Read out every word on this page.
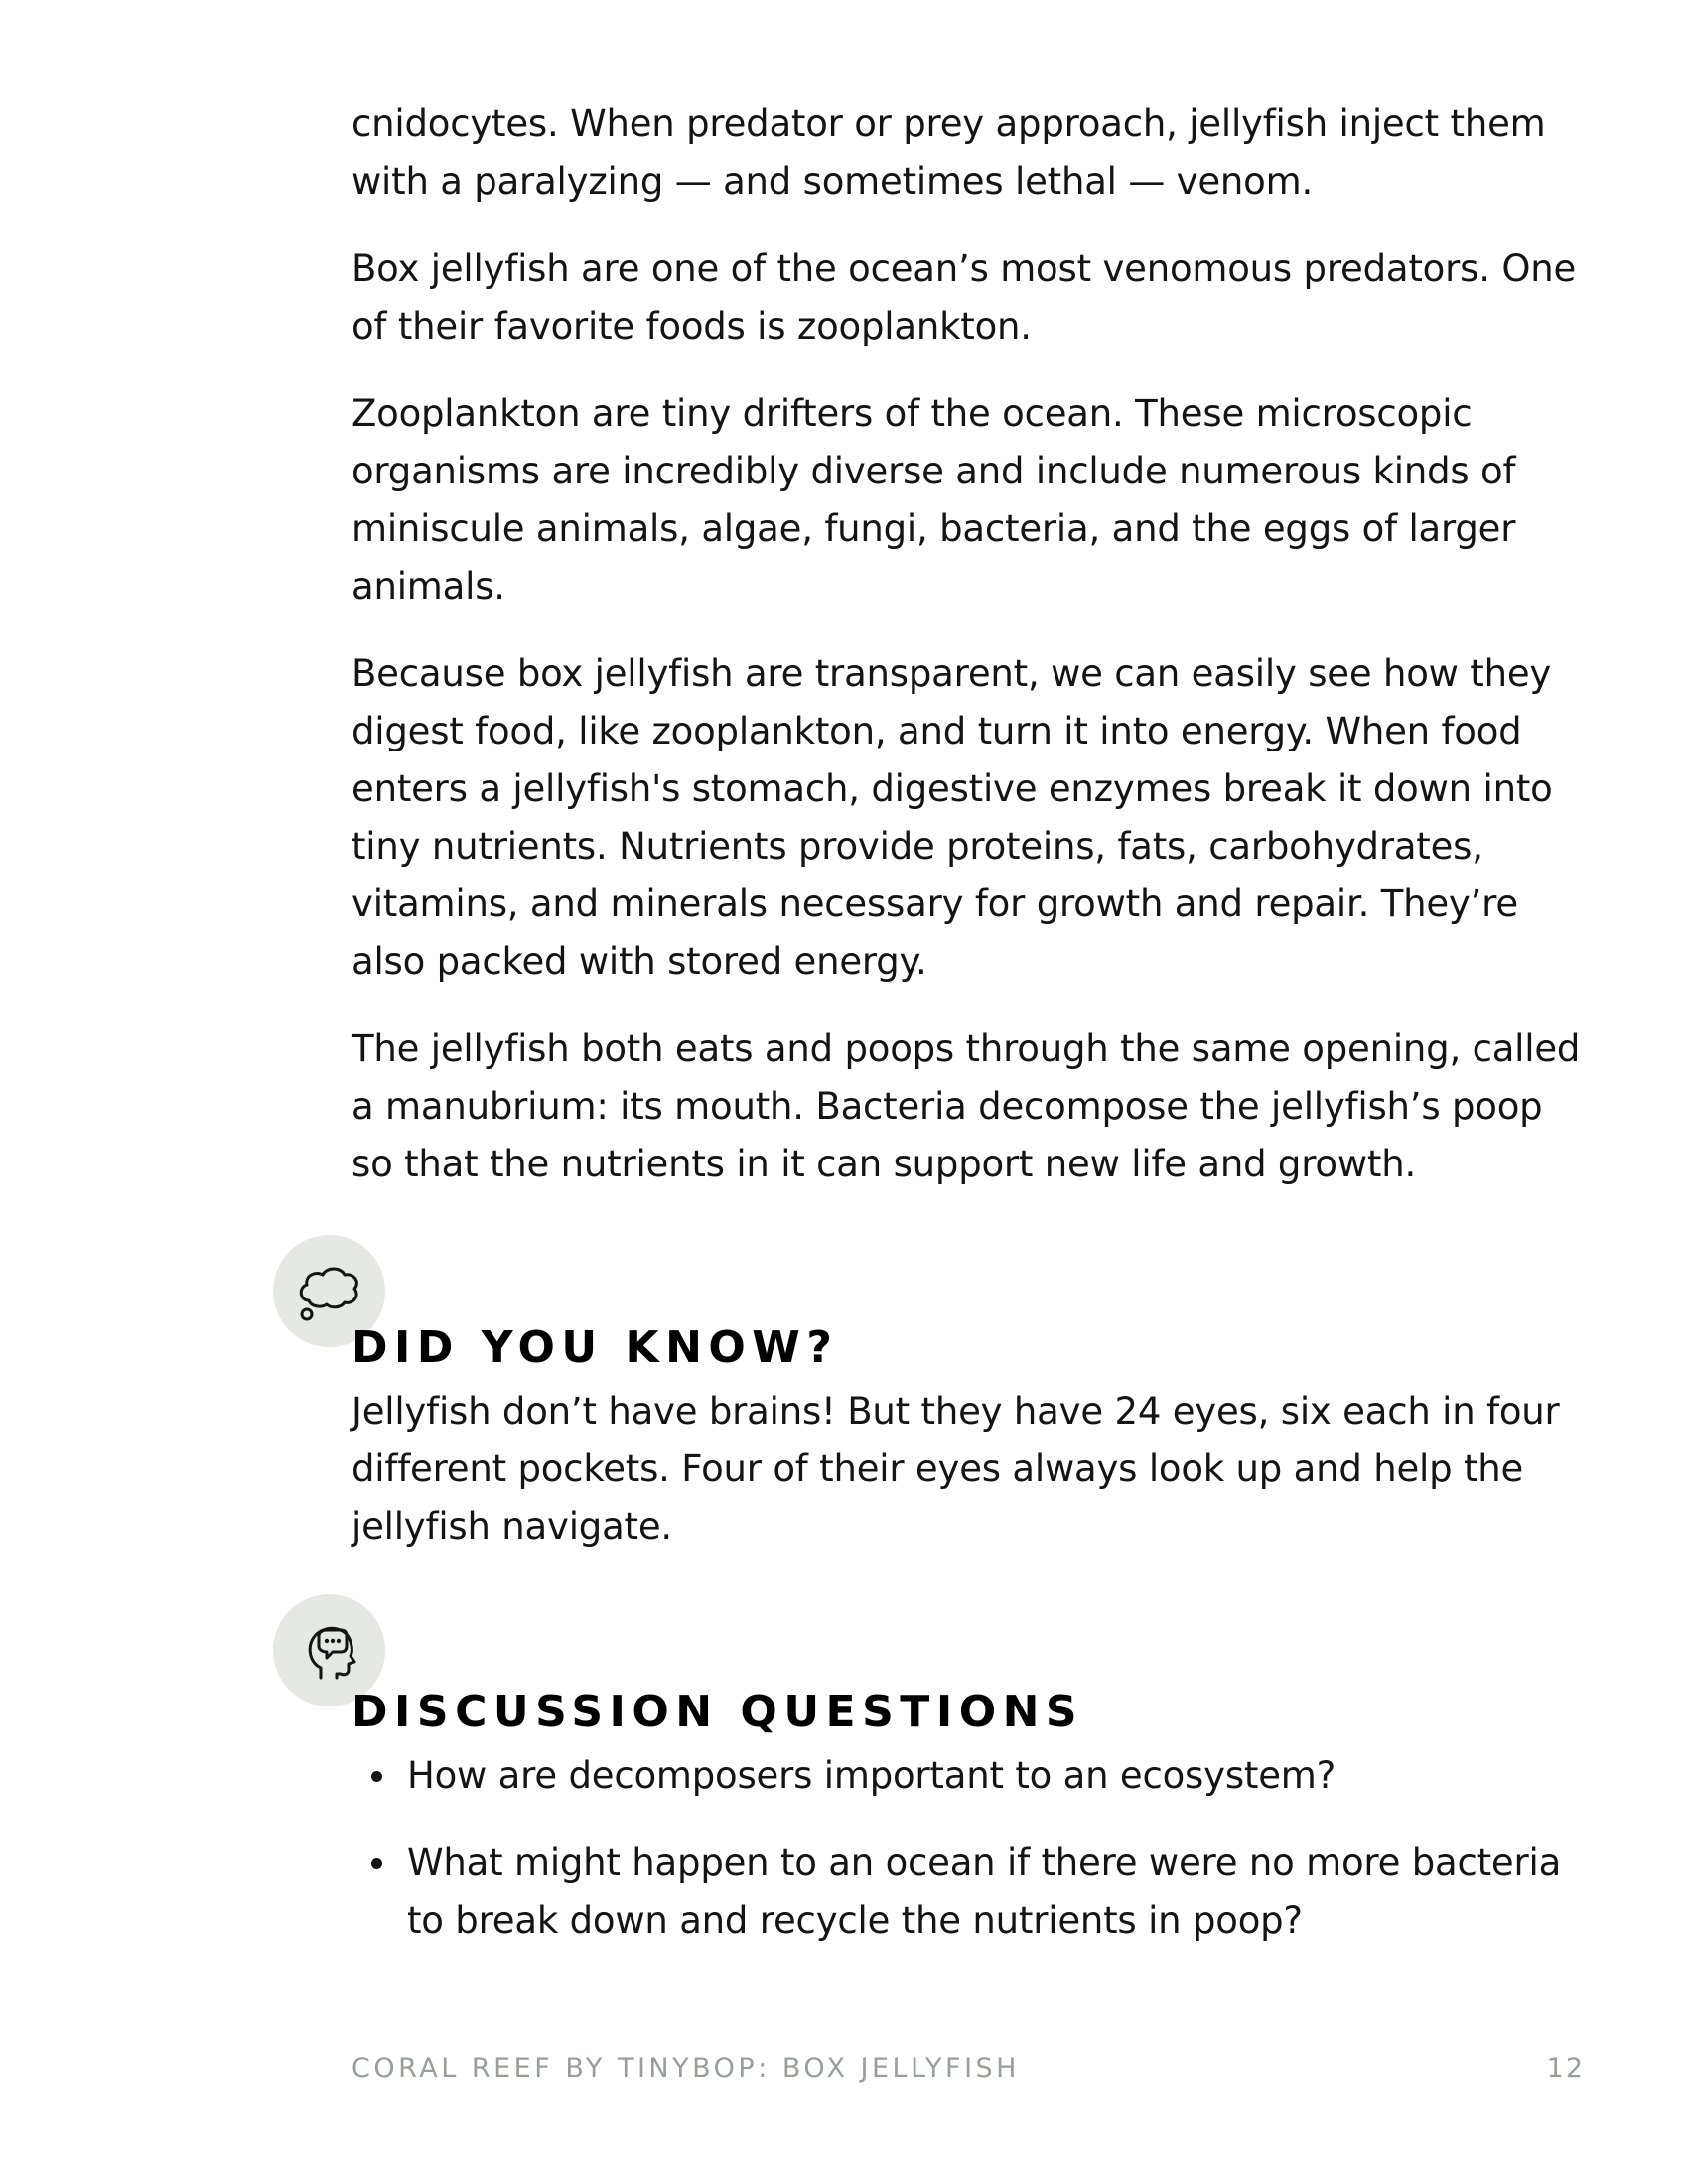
cnidocytes. When predator or prey approach, jellyfish inject them with a paralyzing — and sometimes lethal — venom.

Box jellyfish are one of the ocean’s most venomous predators. One of their favorite foods is zooplankton.

Zooplankton are tiny drifters of the ocean. These microscopic organisms are incredibly diverse and include numerous kinds of miniscule animals, algae, fungi, bacteria, and the eggs of larger animals.

Because box jellyfish are transparent, we can easily see how they digest food, like zooplankton, and turn it into energy. When food enters a jellyfish's stomach, digestive enzymes break it down into tiny nutrients. Nutrients provide proteins, fats, carbohydrates, vitamins, and minerals necessary for growth and repair. They’re also packed with stored energy.

The jellyfish both eats and poops through the same opening, called a manubrium: its mouth. Bacteria decompose the jellyfish’s poop so that the nutrients in it can support new life and growth.

DID YOU KNOW?

Jellyfish don’t have brains! But they have 24 eyes, six each in four different pockets. Four of their eyes always look up and help the jellyfish navigate.

DISCUSSION QUESTIONS
How are decomposers important to an ecosystem?
What might happen to an ocean if there were no more bacteria to break down and recycle the nutrients in poop?
CORAL REEF BY TINYBOP: BOX JELLYFISH	12
